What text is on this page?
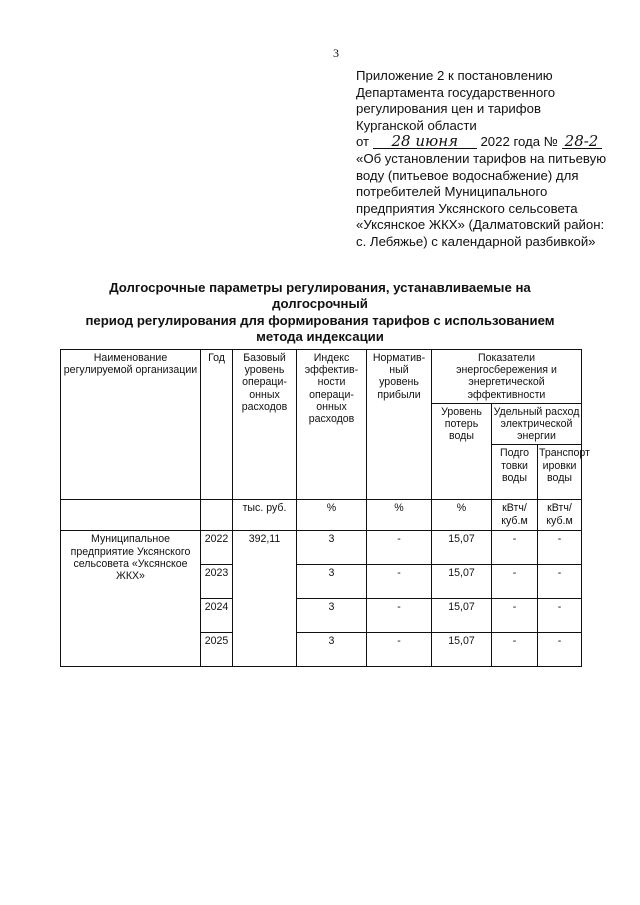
3
Приложение 2 к постановлению
Департамента государственного
регулирования цен и тарифов
Курганской области
от 28 июня 2022 года № 28-2
«Об установлении тарифов на питьевую
воду (питьевое водоснабжение) для
потребителей Муниципального
предприятия Уксянского сельсовета
«Уксянское ЖКХ» (Далматовский район:
с. Лебяжье) с календарной разбивкой»
Долгосрочные параметры регулирования, устанавливаемые на долгосрочный
период регулирования для формирования тарифов с использованием
метода индексации
Наименование регулируемой организации	Год	Базовый уровень операци-онных расходов	Индекс эффектив-ности операци-онных расходов	Норматив-ный уровень прибыли	Показатели энергосбережения и энергетической эффективности		
					Уровень потерь воды	Удельный расход электрической энергии	
						Подго товки воды	Транспорт ировки воды
		тыс. руб.	%	%	%	кВтч/ куб.м	кВтч/ куб.м
Муниципальное предприятие Уксянского сельсовета «Уксянское ЖКХ»	2022	392,11	3	-	15,07	-	-
	2023		3	-	15,07	-	-
	2024		3	-	15,07	-	-
	2025		3	-	15,07	-	-
